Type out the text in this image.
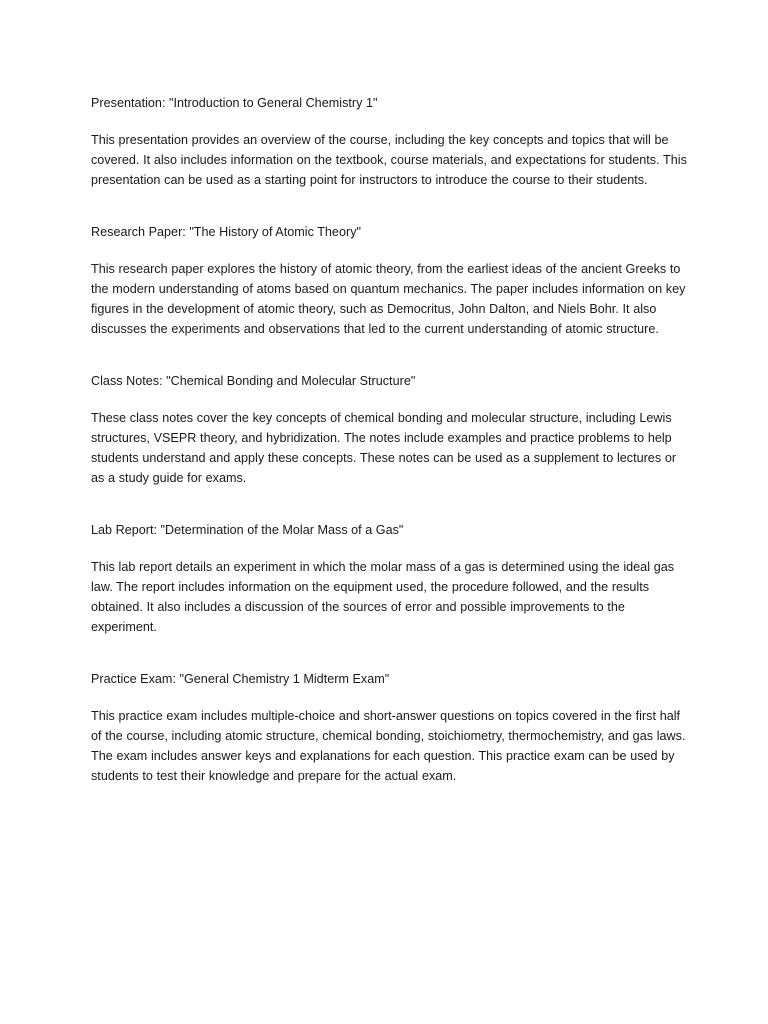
Presentation: "Introduction to General Chemistry 1"

This presentation provides an overview of the course, including the key concepts and topics that will be covered. It also includes information on the textbook, course materials, and expectations for students. This presentation can be used as a starting point for instructors to introduce the course to their students.

Research Paper: "The History of Atomic Theory"

This research paper explores the history of atomic theory, from the earliest ideas of the ancient Greeks to the modern understanding of atoms based on quantum mechanics. The paper includes information on key figures in the development of atomic theory, such as Democritus, John Dalton, and Niels Bohr. It also discusses the experiments and observations that led to the current understanding of atomic structure.

Class Notes: "Chemical Bonding and Molecular Structure"

These class notes cover the key concepts of chemical bonding and molecular structure, including Lewis structures, VSEPR theory, and hybridization. The notes include examples and practice problems to help students understand and apply these concepts. These notes can be used as a supplement to lectures or as a study guide for exams.

Lab Report: "Determination of the Molar Mass of a Gas"

This lab report details an experiment in which the molar mass of a gas is determined using the ideal gas law. The report includes information on the equipment used, the procedure followed, and the results obtained. It also includes a discussion of the sources of error and possible improvements to the experiment.

Practice Exam: "General Chemistry 1 Midterm Exam"

This practice exam includes multiple-choice and short-answer questions on topics covered in the first half of the course, including atomic structure, chemical bonding, stoichiometry, thermochemistry, and gas laws. The exam includes answer keys and explanations for each question. This practice exam can be used by students to test their knowledge and prepare for the actual exam.
